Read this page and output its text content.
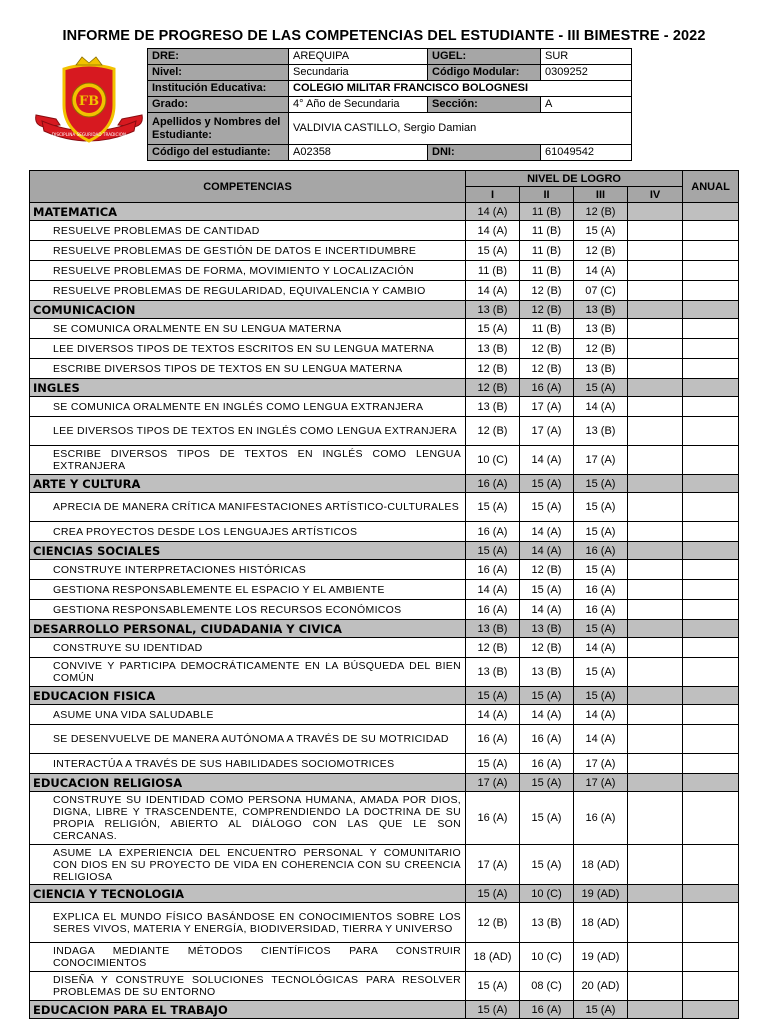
INFORME DE PROGRESO DE LAS COMPETENCIAS DEL ESTUDIANTE - III BIMESTRE - 2022
FB
DISCIPLINA SEGURIDAD TRADICION
DRE:	AREQUIPA	UGEL:	SUR
Nivel:	Secundaria	Código Modular:	0309252
Institución Educativa:	COLEGIO MILITAR FRANCISCO BOLOGNESI		
Grado:	4° Año de Secundaria	Sección:	A
Apellidos y Nombres del Estudiante:	VALDIVIA CASTILLO, Sergio Damian		
Código del estudiante:	A02358	DNI:	61049542
COMPETENCIAS	NIVEL DE LOGRO				ANUAL
	I	II	III	IV	
MATEMATICA	14 (A)	11 (B)	12 (B)		
RESUELVE PROBLEMAS DE CANTIDAD	14 (A)	11 (B)	15 (A)		
RESUELVE PROBLEMAS DE GESTIÓN DE DATOS E INCERTIDUMBRE	15 (A)	11 (B)	12 (B)		
RESUELVE PROBLEMAS DE FORMA, MOVIMIENTO Y LOCALIZACIÓN	11 (B)	11 (B)	14 (A)		
RESUELVE PROBLEMAS DE REGULARIDAD, EQUIVALENCIA Y CAMBIO	14 (A)	12 (B)	07 (C)		
COMUNICACION	13 (B)	12 (B)	13 (B)		
SE COMUNICA ORALMENTE EN SU LENGUA MATERNA	15 (A)	11 (B)	13 (B)		
LEE DIVERSOS TIPOS DE TEXTOS ESCRITOS EN SU LENGUA MATERNA	13 (B)	12 (B)	12 (B)		
ESCRIBE DIVERSOS TIPOS DE TEXTOS EN SU LENGUA MATERNA	12 (B)	12 (B)	13 (B)		
INGLES	12 (B)	16 (A)	15 (A)		
SE COMUNICA ORALMENTE EN INGLÉS COMO LENGUA EXTRANJERA	13 (B)	17 (A)	14 (A)		
LEE DIVERSOS TIPOS DE TEXTOS EN INGLÉS COMO LENGUA EXTRANJERA	12 (B)	17 (A)	13 (B)		
ESCRIBE DIVERSOS TIPOS DE TEXTOS EN INGLÉS COMO LENGUA EXTRANJERA	10 (C)	14 (A)	17 (A)		
ARTE Y CULTURA	16 (A)	15 (A)	15 (A)		
APRECIA DE MANERA CRÍTICA MANIFESTACIONES ARTÍSTICO-CULTURALES	15 (A)	15 (A)	15 (A)		
CREA PROYECTOS DESDE LOS LENGUAJES ARTÍSTICOS	16 (A)	14 (A)	15 (A)		
CIENCIAS SOCIALES	15 (A)	14 (A)	16 (A)		
CONSTRUYE INTERPRETACIONES HISTÓRICAS	16 (A)	12 (B)	15 (A)		
GESTIONA RESPONSABLEMENTE EL ESPACIO Y EL AMBIENTE	14 (A)	15 (A)	16 (A)		
GESTIONA RESPONSABLEMENTE LOS RECURSOS ECONÓMICOS	16 (A)	14 (A)	16 (A)		
DESARROLLO PERSONAL, CIUDADANIA Y CIVICA	13 (B)	13 (B)	15 (A)		
CONSTRUYE SU IDENTIDAD	12 (B)	12 (B)	14 (A)		
CONVIVE Y PARTICIPA DEMOCRÁTICAMENTE EN LA BÚSQUEDA DEL BIEN COMÚN	13 (B)	13 (B)	15 (A)		
EDUCACION FISICA	15 (A)	15 (A)	15 (A)		
ASUME UNA VIDA SALUDABLE	14 (A)	14 (A)	14 (A)		
SE DESENVUELVE DE MANERA AUTÓNOMA A TRAVÉS DE SU MOTRICIDAD	16 (A)	16 (A)	14 (A)		
INTERACTÚA A TRAVÉS DE SUS HABILIDADES SOCIOMOTRICES	15 (A)	16 (A)	17 (A)		
EDUCACION RELIGIOSA	17 (A)	15 (A)	17 (A)		
CONSTRUYE SU IDENTIDAD COMO PERSONA HUMANA, AMADA POR DIOS, DIGNA, LIBRE Y TRASCENDENTE, COMPRENDIENDO LA DOCTRINA DE SU PROPIA RELIGIÓN, ABIERTO AL DIÁLOGO CON LAS QUE LE SON CERCANAS.	16 (A)	15 (A)	16 (A)		
ASUME LA EXPERIENCIA DEL ENCUENTRO PERSONAL Y COMUNITARIO CON DIOS EN SU PROYECTO DE VIDA EN COHERENCIA CON SU CREENCIA RELIGIOSA	17 (A)	15 (A)	18 (AD)		
CIENCIA Y TECNOLOGIA	15 (A)	10 (C)	19 (AD)		
EXPLICA EL MUNDO FÍSICO BASÁNDOSE EN CONOCIMIENTOS SOBRE LOS SERES VIVOS, MATERIA Y ENERGÍA, BIODIVERSIDAD, TIERRA Y UNIVERSO	12 (B)	13 (B)	18 (AD)		
INDAGA MEDIANTE MÉTODOS CIENTÍFICOS PARA CONSTRUIR CONOCIMIENTOS	18 (AD)	10 (C)	19 (AD)		
DISEÑA Y CONSTRUYE SOLUCIONES TECNOLÓGICAS PARA RESOLVER PROBLEMAS DE SU ENTORNO	15 (A)	08 (C)	20 (AD)		
EDUCACION PARA EL TRABAJO	15 (A)	16 (A)	15 (A)		
